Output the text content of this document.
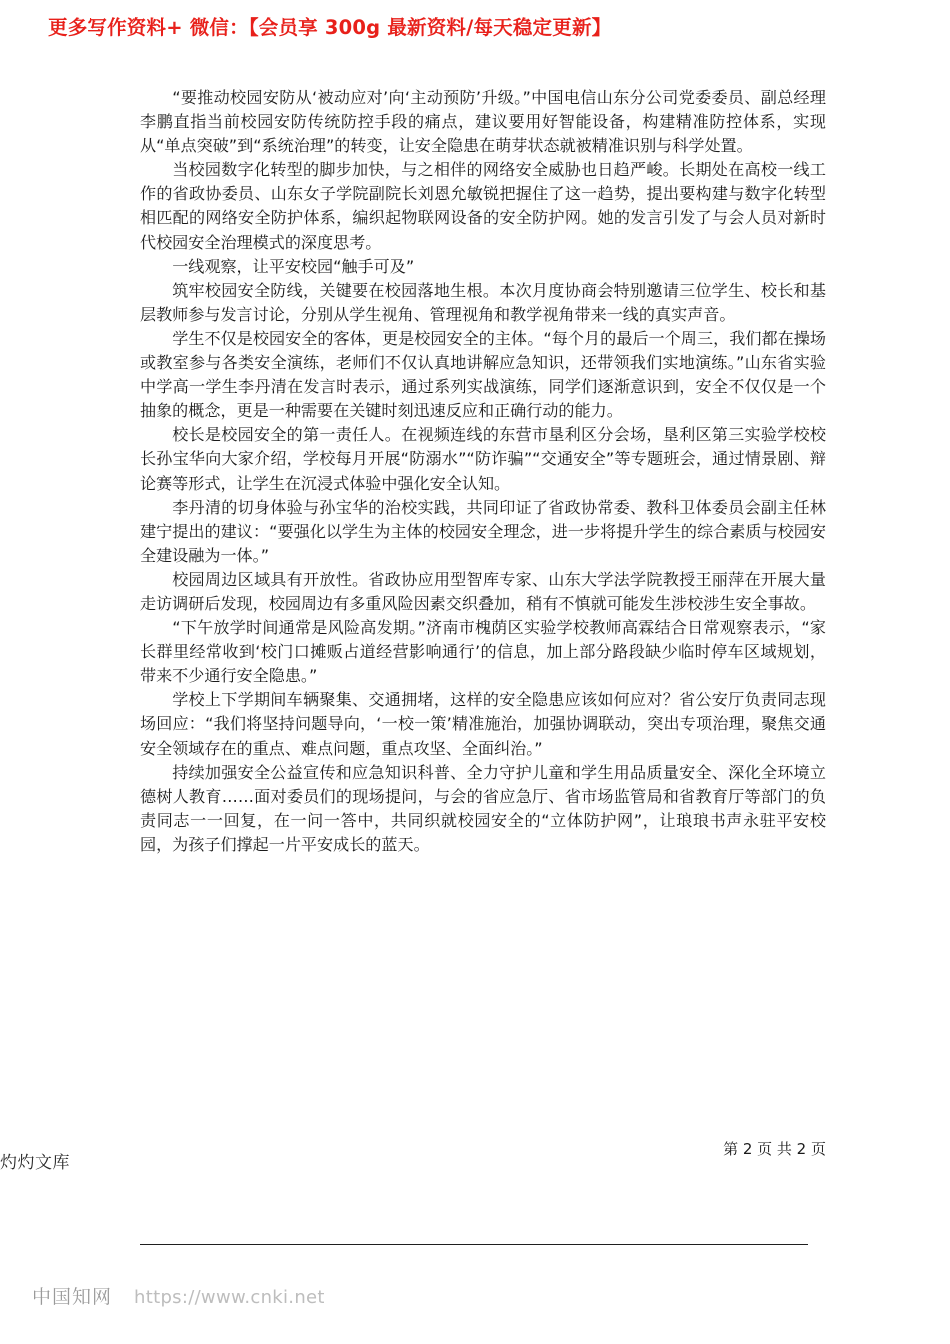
更多写作资料+ 微信：【会员享 300g 最新资料/每天稳定更新】

“要推动校园安防从‘被动应对’向‘主动预防’升级。”中国电信山东分公司党委委员、副总经理李鹏直指当前校园安防传统防控手段的痛点，建议要用好智能设备，构建精准防控体系，实现从“单点突破”到“系统治理”的转变，让安全隐患在萌芽状态就被精准识别与科学处置。

当校园数字化转型的脚步加快，与之相伴的网络安全威胁也日趋严峻。长期处在高校一线工作的省政协委员、山东女子学院副院长刘恩允敏锐把握住了这一趋势，提出要构建与数字化转型相匹配的网络安全防护体系，编织起物联网设备的安全防护网。她的发言引发了与会人员对新时代校园安全治理模式的深度思考。

一线观察，让平安校园“触手可及”

筑牢校园安全防线，关键要在校园落地生根。本次月度协商会特别邀请三位学生、校长和基层教师参与发言讨论，分别从学生视角、管理视角和教学视角带来一线的真实声音。

学生不仅是校园安全的客体，更是校园安全的主体。“每个月的最后一个周三，我们都在操场或教室参与各类安全演练，老师们不仅认真地讲解应急知识，还带领我们实地演练。”山东省实验中学高一学生李丹清在发言时表示，通过系列实战演练，同学们逐渐意识到，安全不仅仅是一个抽象的概念，更是一种需要在关键时刻迅速反应和正确行动的能力。

校长是校园安全的第一责任人。在视频连线的东营市垦利区分会场，垦利区第三实验学校校长孙宝华向大家介绍，学校每月开展“防溺水”“防诈骗”“交通安全”等专题班会，通过情景剧、辩论赛等形式，让学生在沉浸式体验中强化安全认知。

李丹清的切身体验与孙宝华的治校实践，共同印证了省政协常委、教科卫体委员会副主任林建宁提出的建议：“要强化以学生为主体的校园安全理念，进一步将提升学生的综合素质与校园安全建设融为一体。”

校园周边区域具有开放性。省政协应用型智库专家、山东大学法学院教授王丽萍在开展大量走访调研后发现，校园周边有多重风险因素交织叠加，稍有不慎就可能发生涉校涉生安全事故。

“下午放学时间通常是风险高发期。”济南市槐荫区实验学校教师高霖结合日常观察表示，“家长群里经常收到‘校门口摊贩占道经营影响通行’的信息，加上部分路段缺少临时停车区域规划，带来不少通行安全隐患。”

学校上下学期间车辆聚集、交通拥堵，这样的安全隐患应该如何应对？省公安厅负责同志现场回应：“我们将坚持问题导向，‘一校一策’精准施治，加强协调联动，突出专项治理，聚焦交通安全领域存在的重点、难点问题，重点攻坚、全面纠治。”

持续加强安全公益宣传和应急知识科普、全力守护儿童和学生用品质量安全、深化全环境立德树人教育……面对委员们的现场提问，与会的省应急厅、省市场监管局和省教育厅等部门的负责同志一一回复，在一问一答中，共同织就校园安全的“立体防护网”，让琅琅书声永驻平安校园，为孩子们撑起一片平安成长的蓝天。

第 2 页 共 2 页
灼灼文库
中国知网 https://www.cnki.net
